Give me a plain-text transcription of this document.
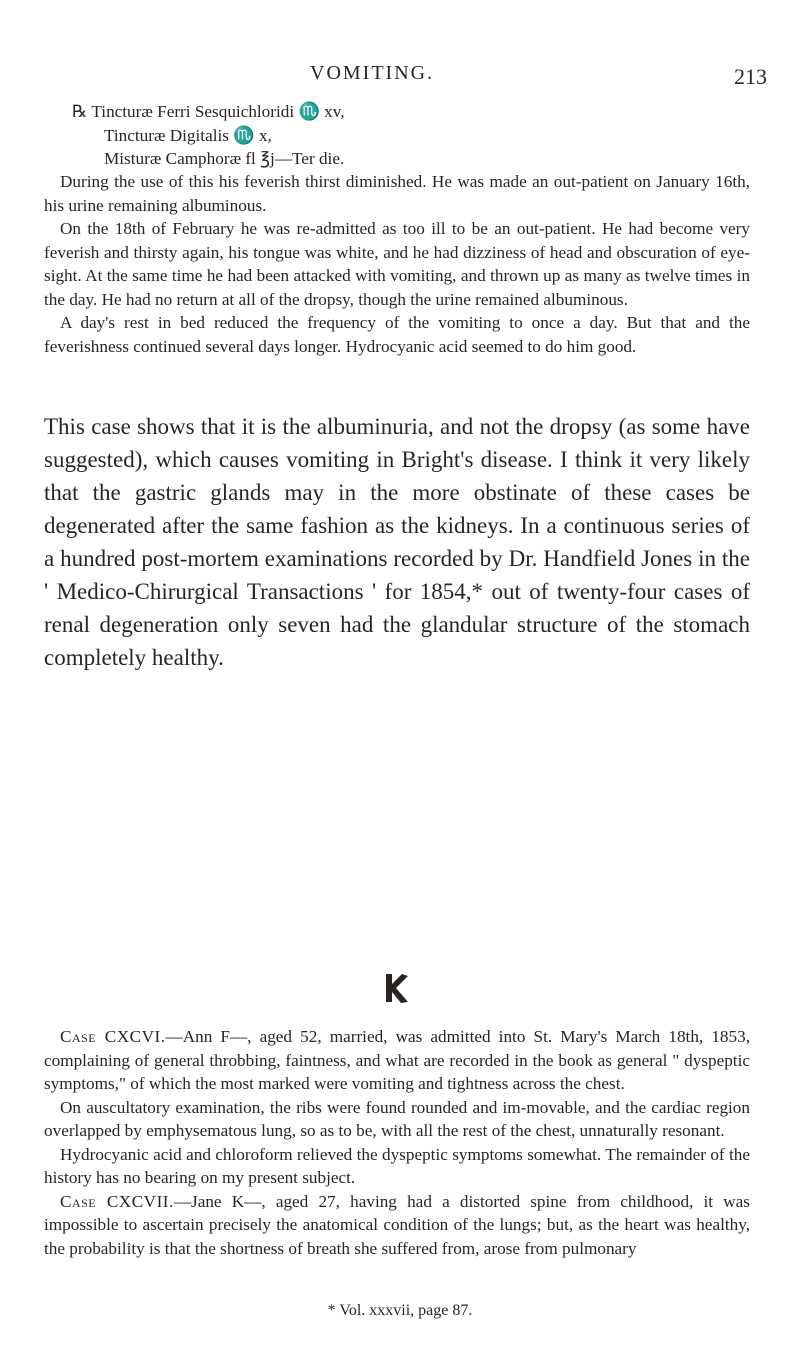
VOMITING.	213

℞ Tincturæ Ferri Sesquichloridi ♏ xv,

Tincturæ Digitalis ♏ x,

Misturæ Camphoræ fl ℥j—Ter die.

During the use of this his feverish thirst diminished. He was made an out-patient on January 16th, his urine remaining albuminous.

On the 18th of February he was re-admitted as too ill to be an out-patient. He had become very feverish and thirsty again, his tongue was white, and he had dizziness of head and obscuration of eye-sight. At the same time he had been attacked with vomiting, and thrown up as many as twelve times in the day. He had no return at all of the dropsy, though the urine remained albuminous.

A day's rest in bed reduced the frequency of the vomiting to once a day. But that and the feverishness continued several days longer. Hydrocyanic acid seemed to do him good.

This case shows that it is the albuminuria, and not the dropsy (as some have suggested), which causes vomiting in Bright's disease. I think it very likely that the gastric glands may in the more obstinate of these cases be degenerated after the same fashion as the kidneys. In a continuous series of a hundred post-mortem examinations recorded by Dr. Handfield Jones in the ' Medico-Chirurgical Transactions ' for 1854,* out of twenty-four cases of renal degeneration only seven had the glandular structure of the stomach completely healthy.

Case CXCVI.—Ann F—, aged 52, married, was admitted into St. Mary's March 18th, 1853, complaining of general throbbing, faintness, and what are recorded in the book as general " dyspeptic symptoms," of which the most marked were vomiting and tightness across the chest.

On auscultatory examination, the ribs were found rounded and im-movable, and the cardiac region overlapped by emphysematous lung, so as to be, with all the rest of the chest, unnaturally resonant.

Hydrocyanic acid and chloroform relieved the dyspeptic symptoms somewhat. The remainder of the history has no bearing on my present subject.

Case CXCVII.—Jane K—, aged 27, having had a distorted spine from childhood, it was impossible to ascertain precisely the anatomical condition of the lungs; but, as the heart was healthy, the probability is that the shortness of breath she suffered from, arose from pulmonary

* Vol. xxxvii, page 87.
